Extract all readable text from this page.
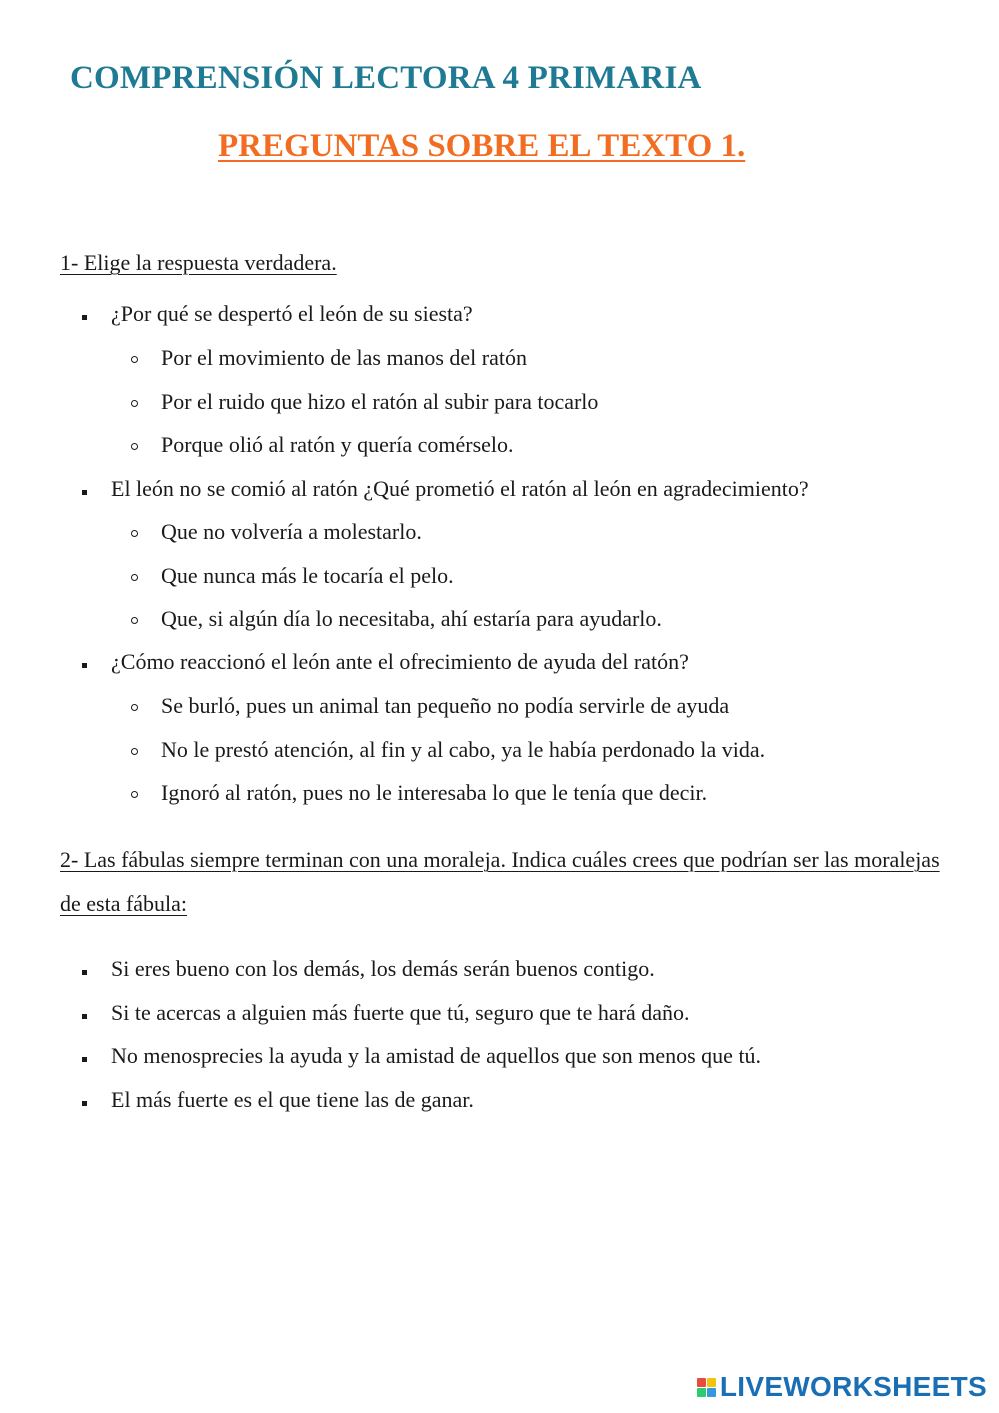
COMPRENSIÓN LECTORA 4 PRIMARIA
PREGUNTAS SOBRE EL TEXTO 1.
1- Elige la respuesta verdadera.
¿Por qué se despertó el león de su siesta?
Por el movimiento de las manos del ratón
Por el ruido que hizo el ratón al subir para tocarlo
Porque olió al ratón y quería comérselo.
El león no se comió al ratón ¿Qué prometió el ratón al león en agradecimiento?
Que no volvería a molestarlo.
Que nunca más le tocaría el pelo.
Que, si algún día lo necesitaba, ahí estaría para ayudarlo.
¿Cómo reaccionó el león ante el ofrecimiento de ayuda del ratón?
Se burló, pues un animal tan pequeño no podía servirle de ayuda
No le prestó atención, al fin y al cabo, ya le había perdonado la vida.
Ignoró al ratón, pues no le interesaba lo que le tenía que decir.
2- Las fábulas siempre terminan con una moraleja. Indica cuáles crees que podrían ser las moralejas de esta fábula:
Si eres bueno con los demás, los demás serán buenos contigo.
Si te acercas a alguien más fuerte que tú, seguro que te hará daño.
No menosprecies la ayuda y la amistad de aquellos que son menos que tú.
El más fuerte es el que tiene las de ganar.
LIVEWORKSHEETS
